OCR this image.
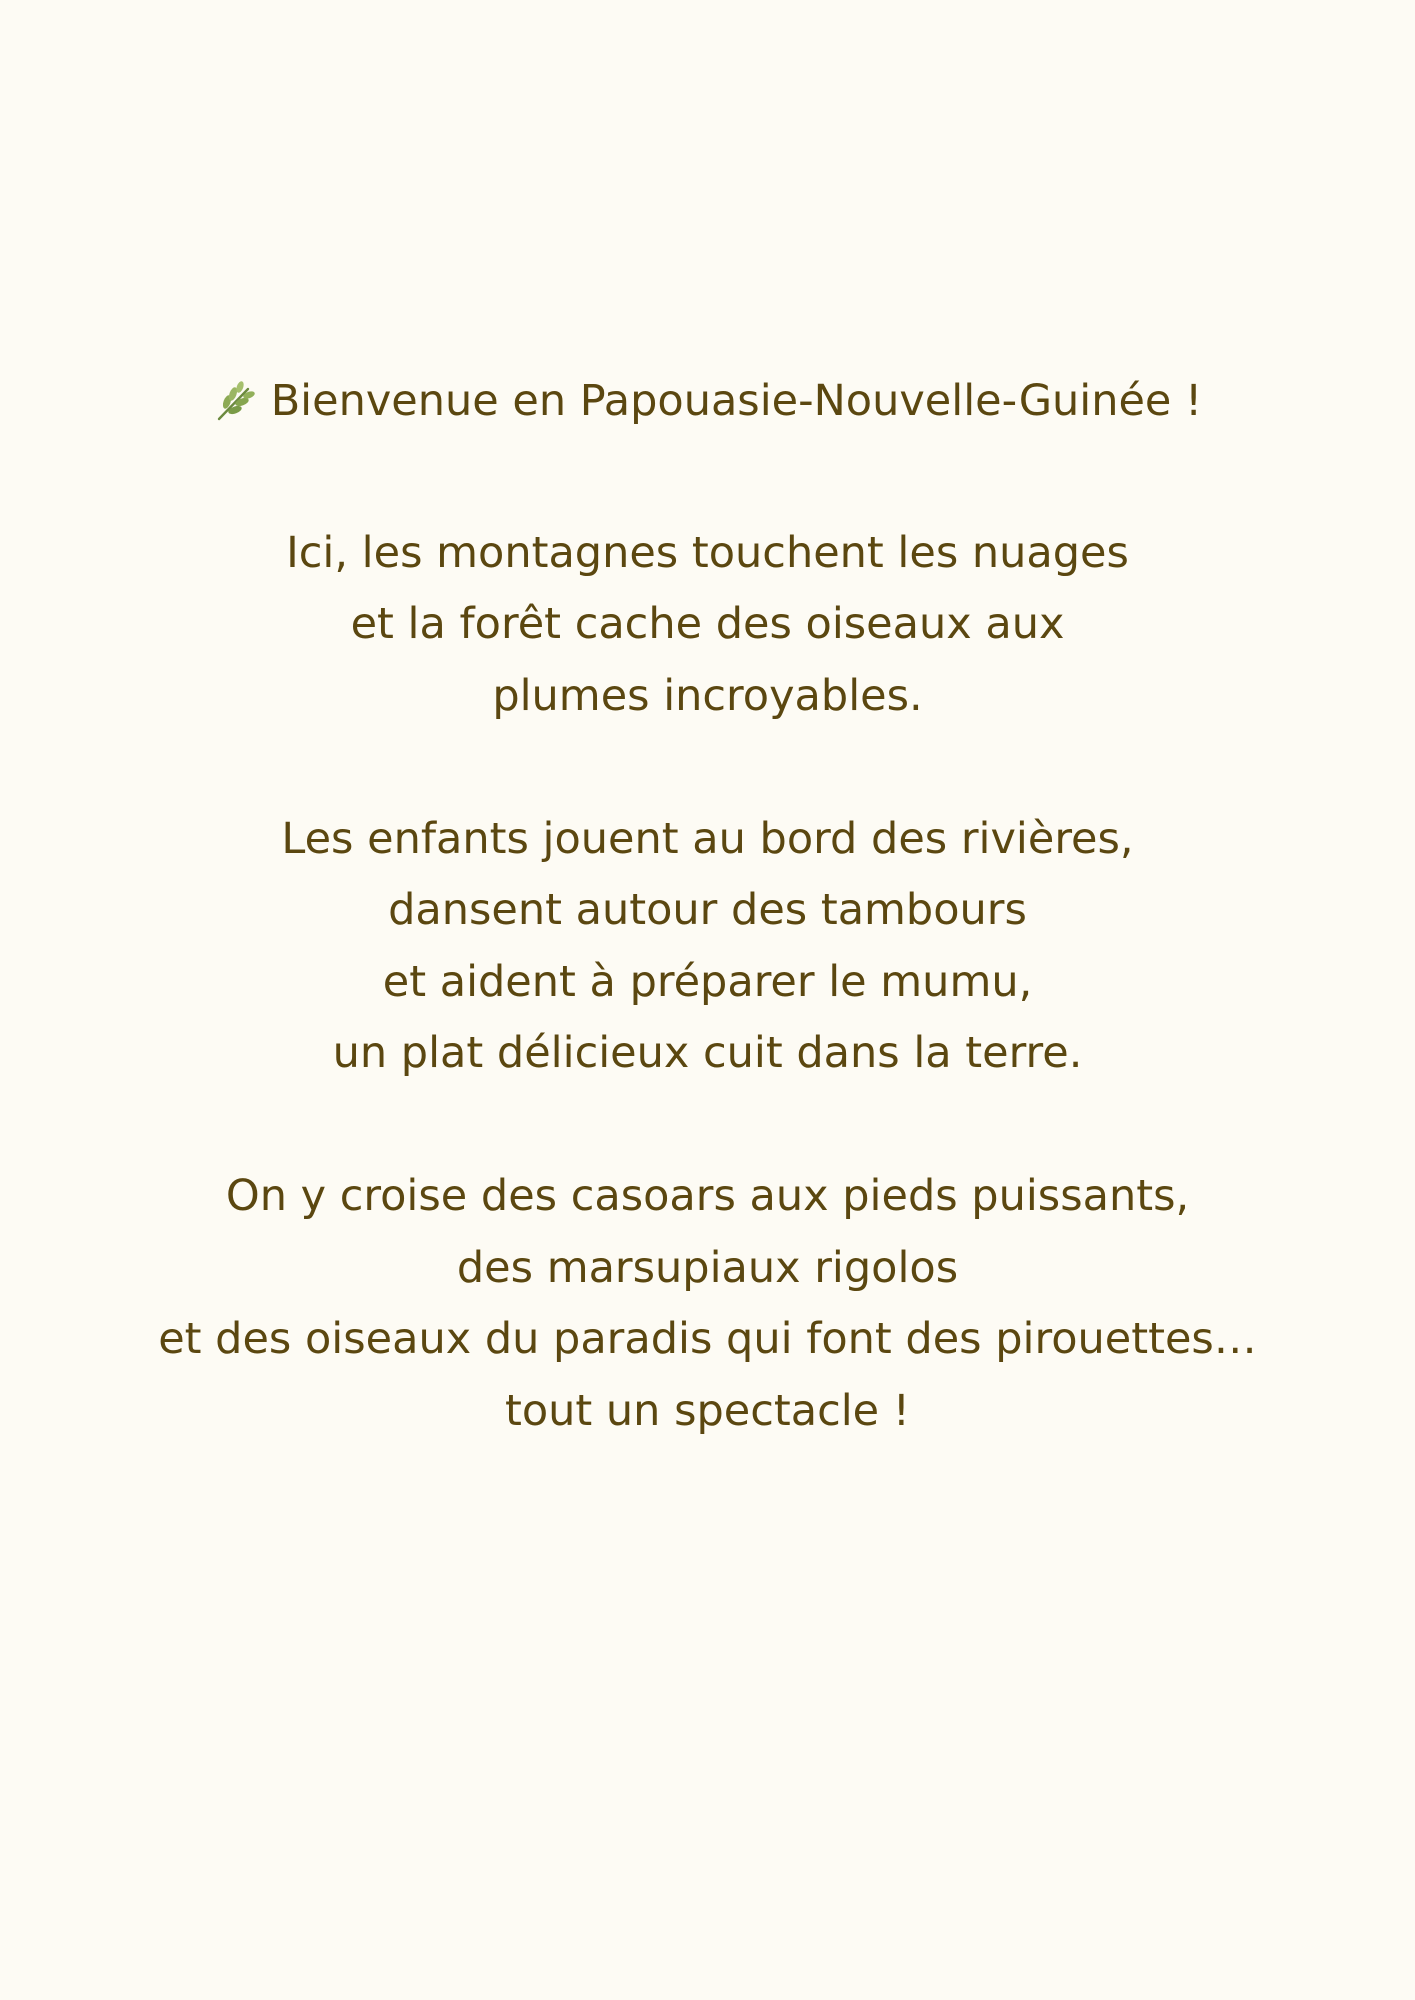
Bienvenue en Papouasie-Nouvelle-Guinée !
Ici, les montagnes touchent les nuages
et la forêt cache des oiseaux aux
plumes incroyables.
Les enfants jouent au bord des rivières,
dansent autour des tambours
et aident à préparer le mumu,
un plat délicieux cuit dans la terre.
On y croise des casoars aux pieds puissants,
des marsupiaux rigolos
et des oiseaux du paradis qui font des pirouettes…
tout un spectacle !
